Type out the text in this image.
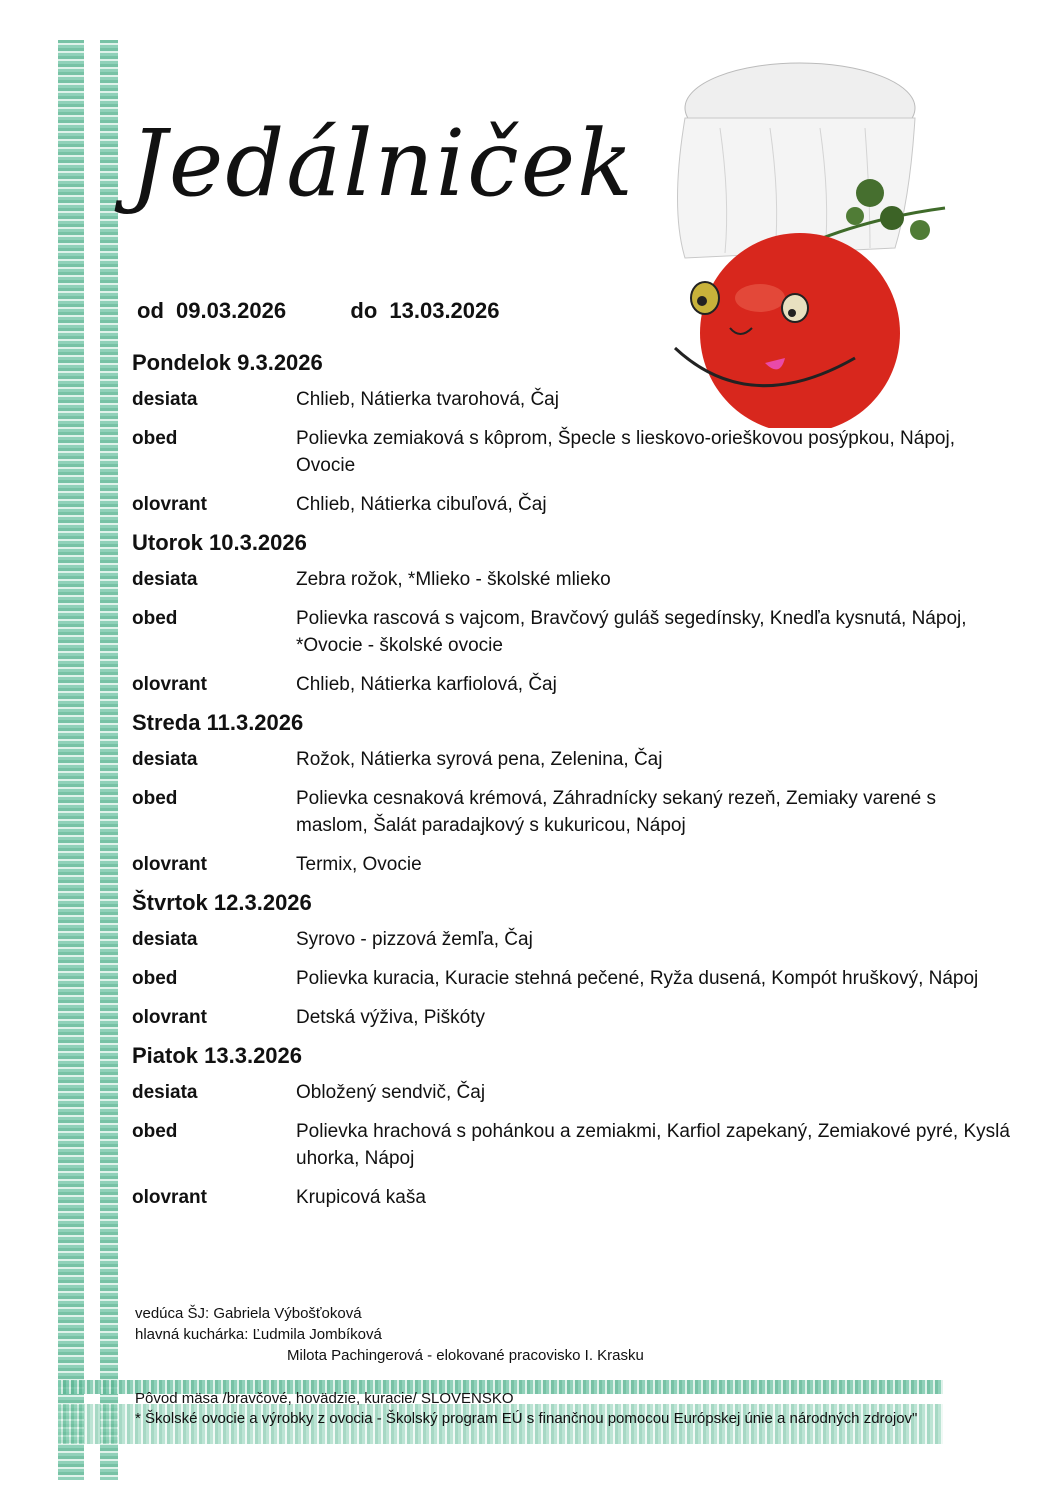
Jedálniček
od 09.03.2026	do 13.03.2026
Pondelok 9.3.2026
desiata	Chlieb, Nátierka tvarohová, Čaj
obed	Polievka zemiaková s kôprom, Špecle s lieskovo-orieškovou posýpkou, Nápoj, Ovocie
olovrant	Chlieb, Nátierka cibuľová, Čaj
Utorok 10.3.2026
desiata	Zebra rožok, *Mlieko - školské mlieko
obed	Polievka rascová s vajcom, Bravčový guláš segedínsky, Knedľa kysnutá, Nápoj, *Ovocie - školské ovocie
olovrant	Chlieb, Nátierka karfiolová, Čaj
Streda 11.3.2026
desiata	Rožok, Nátierka syrová pena, Zelenina, Čaj
obed	Polievka cesnaková krémová, Záhradnícky sekaný rezeň, Zemiaky varené s maslom, Šalát paradajkový s kukuricou, Nápoj
olovrant	Termix, Ovocie
Štvrtok 12.3.2026
desiata	Syrovo - pizzová žemľa, Čaj
obed	Polievka kuracia, Kuracie stehná pečené, Ryža dusená, Kompót hruškový, Nápoj
olovrant	Detská výživa, Piškóty
Piatok 13.3.2026
desiata	Obložený sendvič, Čaj
obed	Polievka hrachová s pohánkou a zemiakmi, Karfiol zapekaný, Zemiakové pyré, Kyslá uhorka, Nápoj
olovrant	Krupicová kaša
vedúca ŠJ: Gabriela Výbošťoková
hlavná kuchárka: Ľudmila Jombíková
Milota Pachingerová - elokované pracovisko I. Krasku
Pôvod mäsa /bravčové, hovädzie, kuracie/ SLOVENSKO
* Školské ovocie a výrobky z ovocia - Školský program EÚ s finančnou pomocou Európskej únie a národných zdrojov"
